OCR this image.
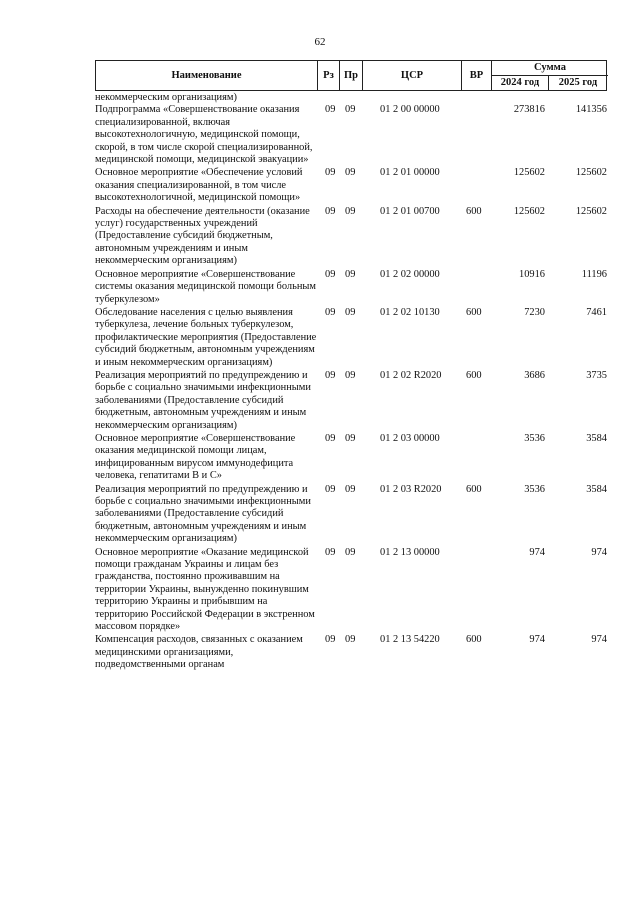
62
Наименование	Рз Пр	ЦСР	ВР
Сумма
2024 год	2025 год
некоммерческим организациям)
Подпрограмма «Совершенствование оказания специализированной, включая высокотехнологичную, медицинской помощи, скорой, в том числе скорой специализированной, медицинской помощи, медицинской эвакуации»
09 09 01 2 00 00000	273816	141356
Основное мероприятие «Обеспечение условий оказания специализированной, в том числе высокотехнологичной, медицинской помощи»
09 09 01 2 01 00000	125602	125602
Расходы на обеспечение деятельности (оказание услуг) государственных учреждений (Предоставление субсидий бюджетным, автономным учреждениям и иным некоммерческим организациям)
09 09 01 2 01 00700	600	125602	125602
Основное мероприятие «Совершенствование системы оказания медицинской помощи больным туберкулезом»
09 09 01 2 02 00000	10916	11196
Обследование населения с целью выявления туберкулеза, лечение больных туберкулезом, профилактические мероприятия (Предоставление субсидий бюджетным, автономным учреждениям и иным некоммерческим организациям)
09 09 01 2 02 10130	600	7230	7461
Реализация мероприятий по предупреждению и борьбе с социально значимыми инфекционными заболеваниями (Предоставление субсидий бюджетным, автономным учреждениям и иным некоммерческим организациям)
09 09 01 2 02 R2020 600	3686	3735
Основное мероприятие «Совершенствование оказания медицинской помощи лицам, инфицированным вирусом иммунодефицита человека, гепатитами В и С»
09 09 01 2 03 00000	3536	3584
Реализация мероприятий по предупреждению и борьбе с социально значимыми инфекционными заболеваниями (Предоставление субсидий бюджетным, автономным учреждениям и иным некоммерческим организациям)
09 09 01 2 03 R2020 600	3536	3584
Основное мероприятие «Оказание медицинской помощи гражданам Украины и лицам без гражданства, постоянно проживавшим на территории Украины, вынужденно покинувшим территорию Украины и прибывшим на территорию Российской Федерации в экстренном массовом порядке»
09 09 01 2 13 00000	974	974
Компенсация расходов, связанных с оказанием медицинскими организациями, подведомственными органам
09 09 01 2 13 54220	600	974	974
